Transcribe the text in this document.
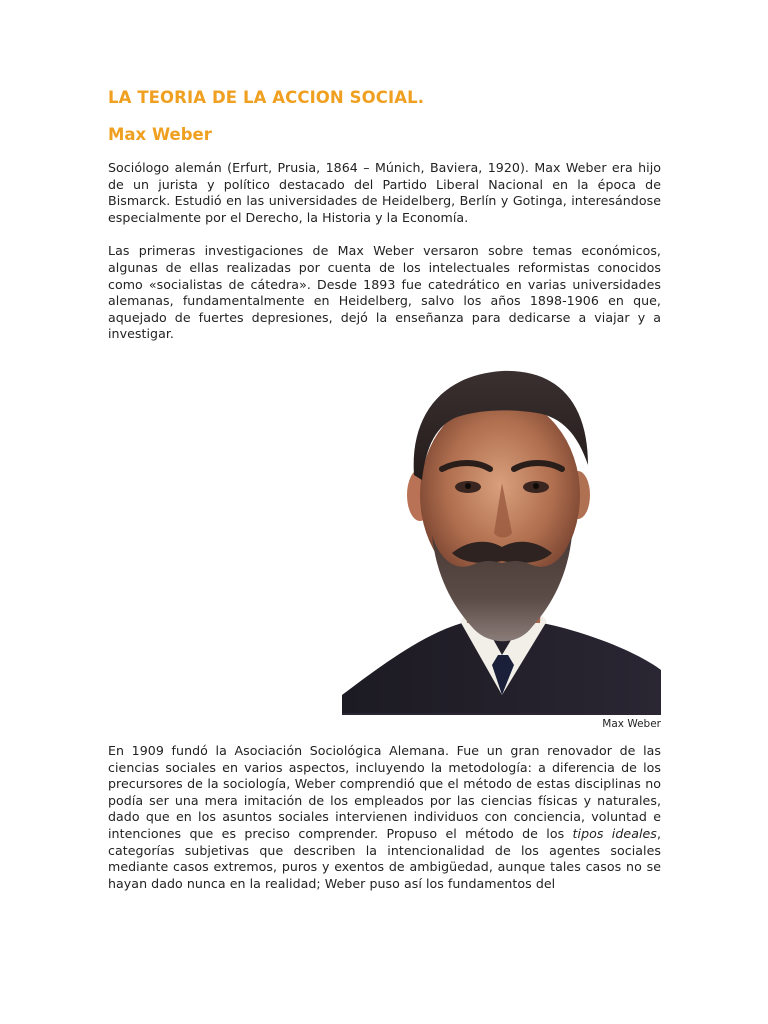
LA TEORIA DE LA ACCION SOCIAL.
Max Weber

Sociólogo alemán (Erfurt, Prusia, 1864 – Múnich, Baviera, 1920). Max Weber era hijo de un jurista y político destacado del Partido Liberal Nacional en la época de Bismarck. Estudió en las universidades de Heidelberg, Berlín y Gotinga, interesándose especialmente por el Derecho, la Historia y la Economía.

Las primeras investigaciones de Max Weber versaron sobre temas económicos, algunas de ellas realizadas por cuenta de los intelectuales reformistas conocidos como «socialistas de cátedra». Desde 1893 fue catedrático en varias universidades alemanas, fundamentalmente en Heidelberg, salvo los años 1898-1906 en que, aquejado de fuertes depresiones, dejó la enseñanza para dedicarse a viajar y a investigar.

Max Weber

En 1909 fundó la Asociación Sociológica Alemana. Fue un gran renovador de las ciencias sociales en varios aspectos, incluyendo la metodología: a diferencia de los precursores de la sociología, Weber comprendió que el método de estas disciplinas no podía ser una mera imitación de los empleados por las ciencias físicas y naturales, dado que en los asuntos sociales intervienen individuos con conciencia, voluntad e intenciones que es preciso comprender. Propuso el método de los tipos ideales, categorías subjetivas que describen la intencionalidad de los agentes sociales mediante casos extremos, puros y exentos de ambigüedad, aunque tales casos no se hayan dado nunca en la realidad; Weber puso así los fundamentos del
